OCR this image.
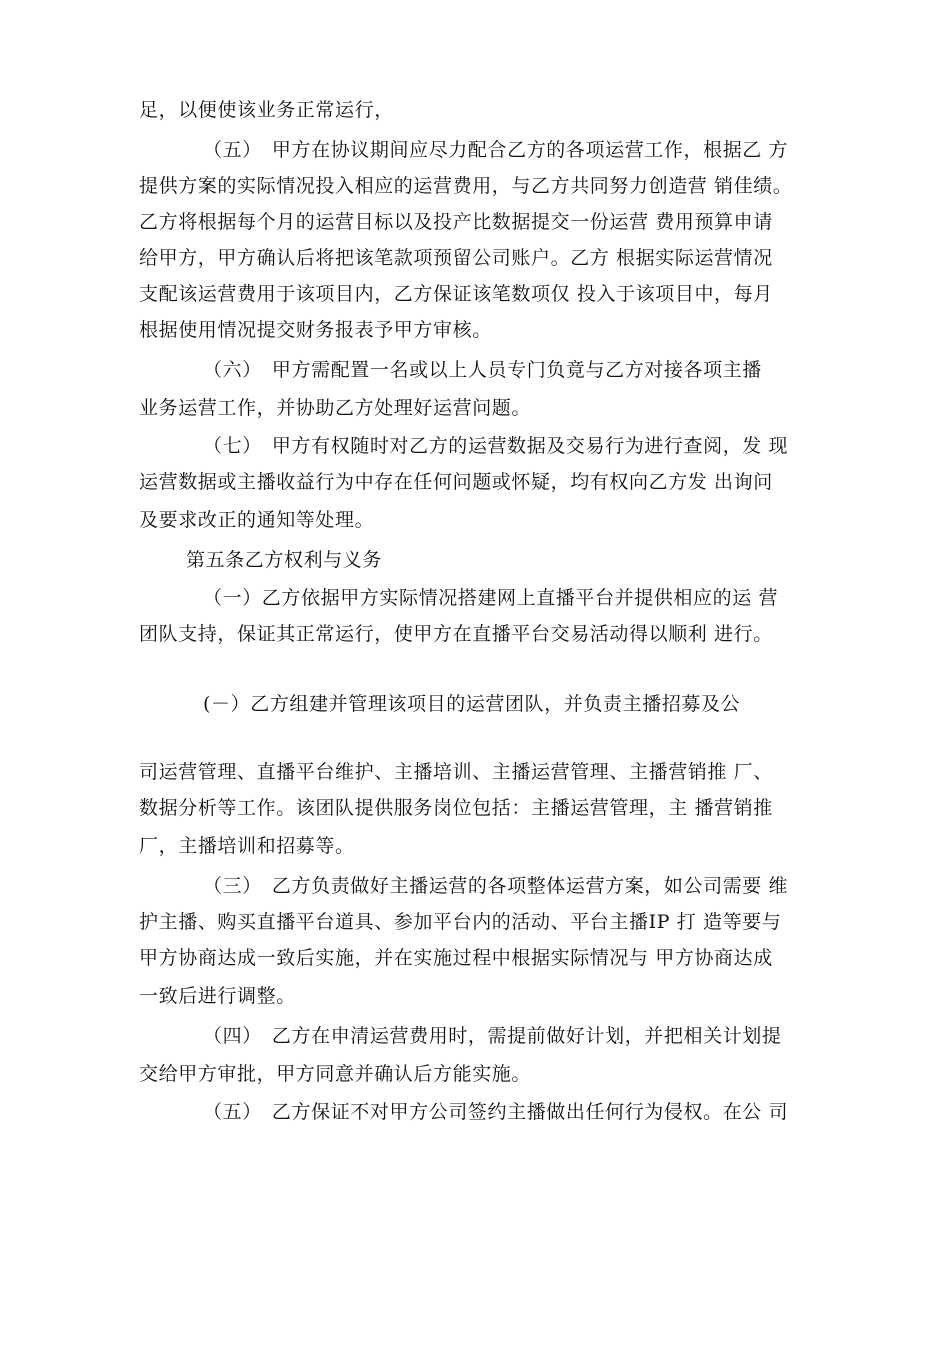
足，以便使该业务正常运行，
（五）　甲方在协议期间应尽力配合乙方的各项运营工作，根据乙 方
提供方案的实际情况投入相应的运营费用，与乙方共同努力创造营 销佳绩。
乙方将根据每个月的运营目标以及投产比数据提交一份运营 费用预算申请
给甲方，甲方确认后将把该笔款项预留公司账户。乙方 根据实际运营情况
支配该运营费用于该项目内，乙方保证该笔数项仅 投入于该项目中，每月
根据使用情况提交财务报表予甲方审核。
（六）　甲方需配置一名或以上人员专门负竟与乙方对接各项主播
业务运营工作，并协助乙方处理好运营问题。
（七）　甲方有权随时对乙方的运营数据及交易行为进行查阅，发 现
运营数据或主播收益行为中存在任何问题或怀疑，均有权向乙方发 出询问
及要求改正的通知等处理。
第五条乙方权利与义务
（一）乙方依据甲方实际情况搭建网上直播平台并提供相应的运 营
团队支持，保证其正常运行，使甲方在直播平台交易活动得以顺利 进行。
(－）乙方组建并管理该项目的运营团队，并负责主播招募及公
司运营管理、直播平台维护、主播培训、主播运营管理、主播营销推 厂、
数据分析等工作。该团队提供服务岗位包括：主播运营管理，主 播营销推
厂，主播培训和招募等。
（三）　乙方负责做好主播运营的各项整体运营方案，如公司需要 维
护主播、购买直播平台道具、参加平台内的活动、平台主播IP 打 造等要与
甲方协商达成一致后实施，并在实施过程中根据实际情况与 甲方协商达成
一致后进行调整。
（四）　乙方在申清运营费用时，需提前做好计划，并把相关计划提
交给甲方审批，甲方同意并确认后方能实施。
（五）　乙方保证不对甲方公司签约主播做出任何行为侵权。在公 司
